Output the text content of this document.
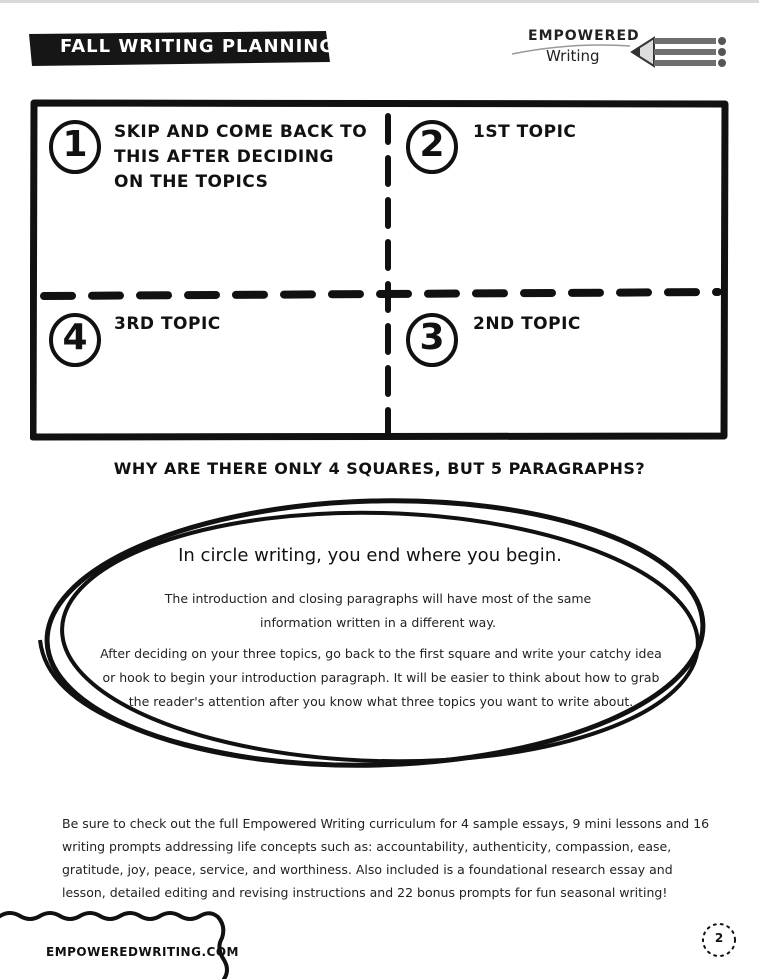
FALL WRITING PLANNING	EMPOWERED
Writing
1	SKIP AND COME BACK TO THIS AFTER DECIDING ON THE TOPICS
2	1ST TOPIC
4	3RD TOPIC	3	2ND TOPIC
WHY ARE THERE ONLY 4 SQUARES, BUT 5 PARAGRAPHS?
In circle writing, you end where you begin.
The introduction and closing paragraphs will have most of the same information written in a different way.
After deciding on your three topics, go back to the first square and write your catchy idea or hook to begin your introduction paragraph. It will be easier to think about how to grab the reader's attention after you know what three topics you want to write about.
Be sure to check out the full Empowered Writing curriculum for 4 sample essays, 9 mini lessons and 16 writing prompts addressing life concepts such as: accountability, authenticity, compassion, ease, gratitude, joy, peace, service, and worthiness. Also included is a foundational research essay and lesson, detailed editing and revising instructions and 22 bonus prompts for fun seasonal writing!
EMPOWEREDWRITING.COM
2
